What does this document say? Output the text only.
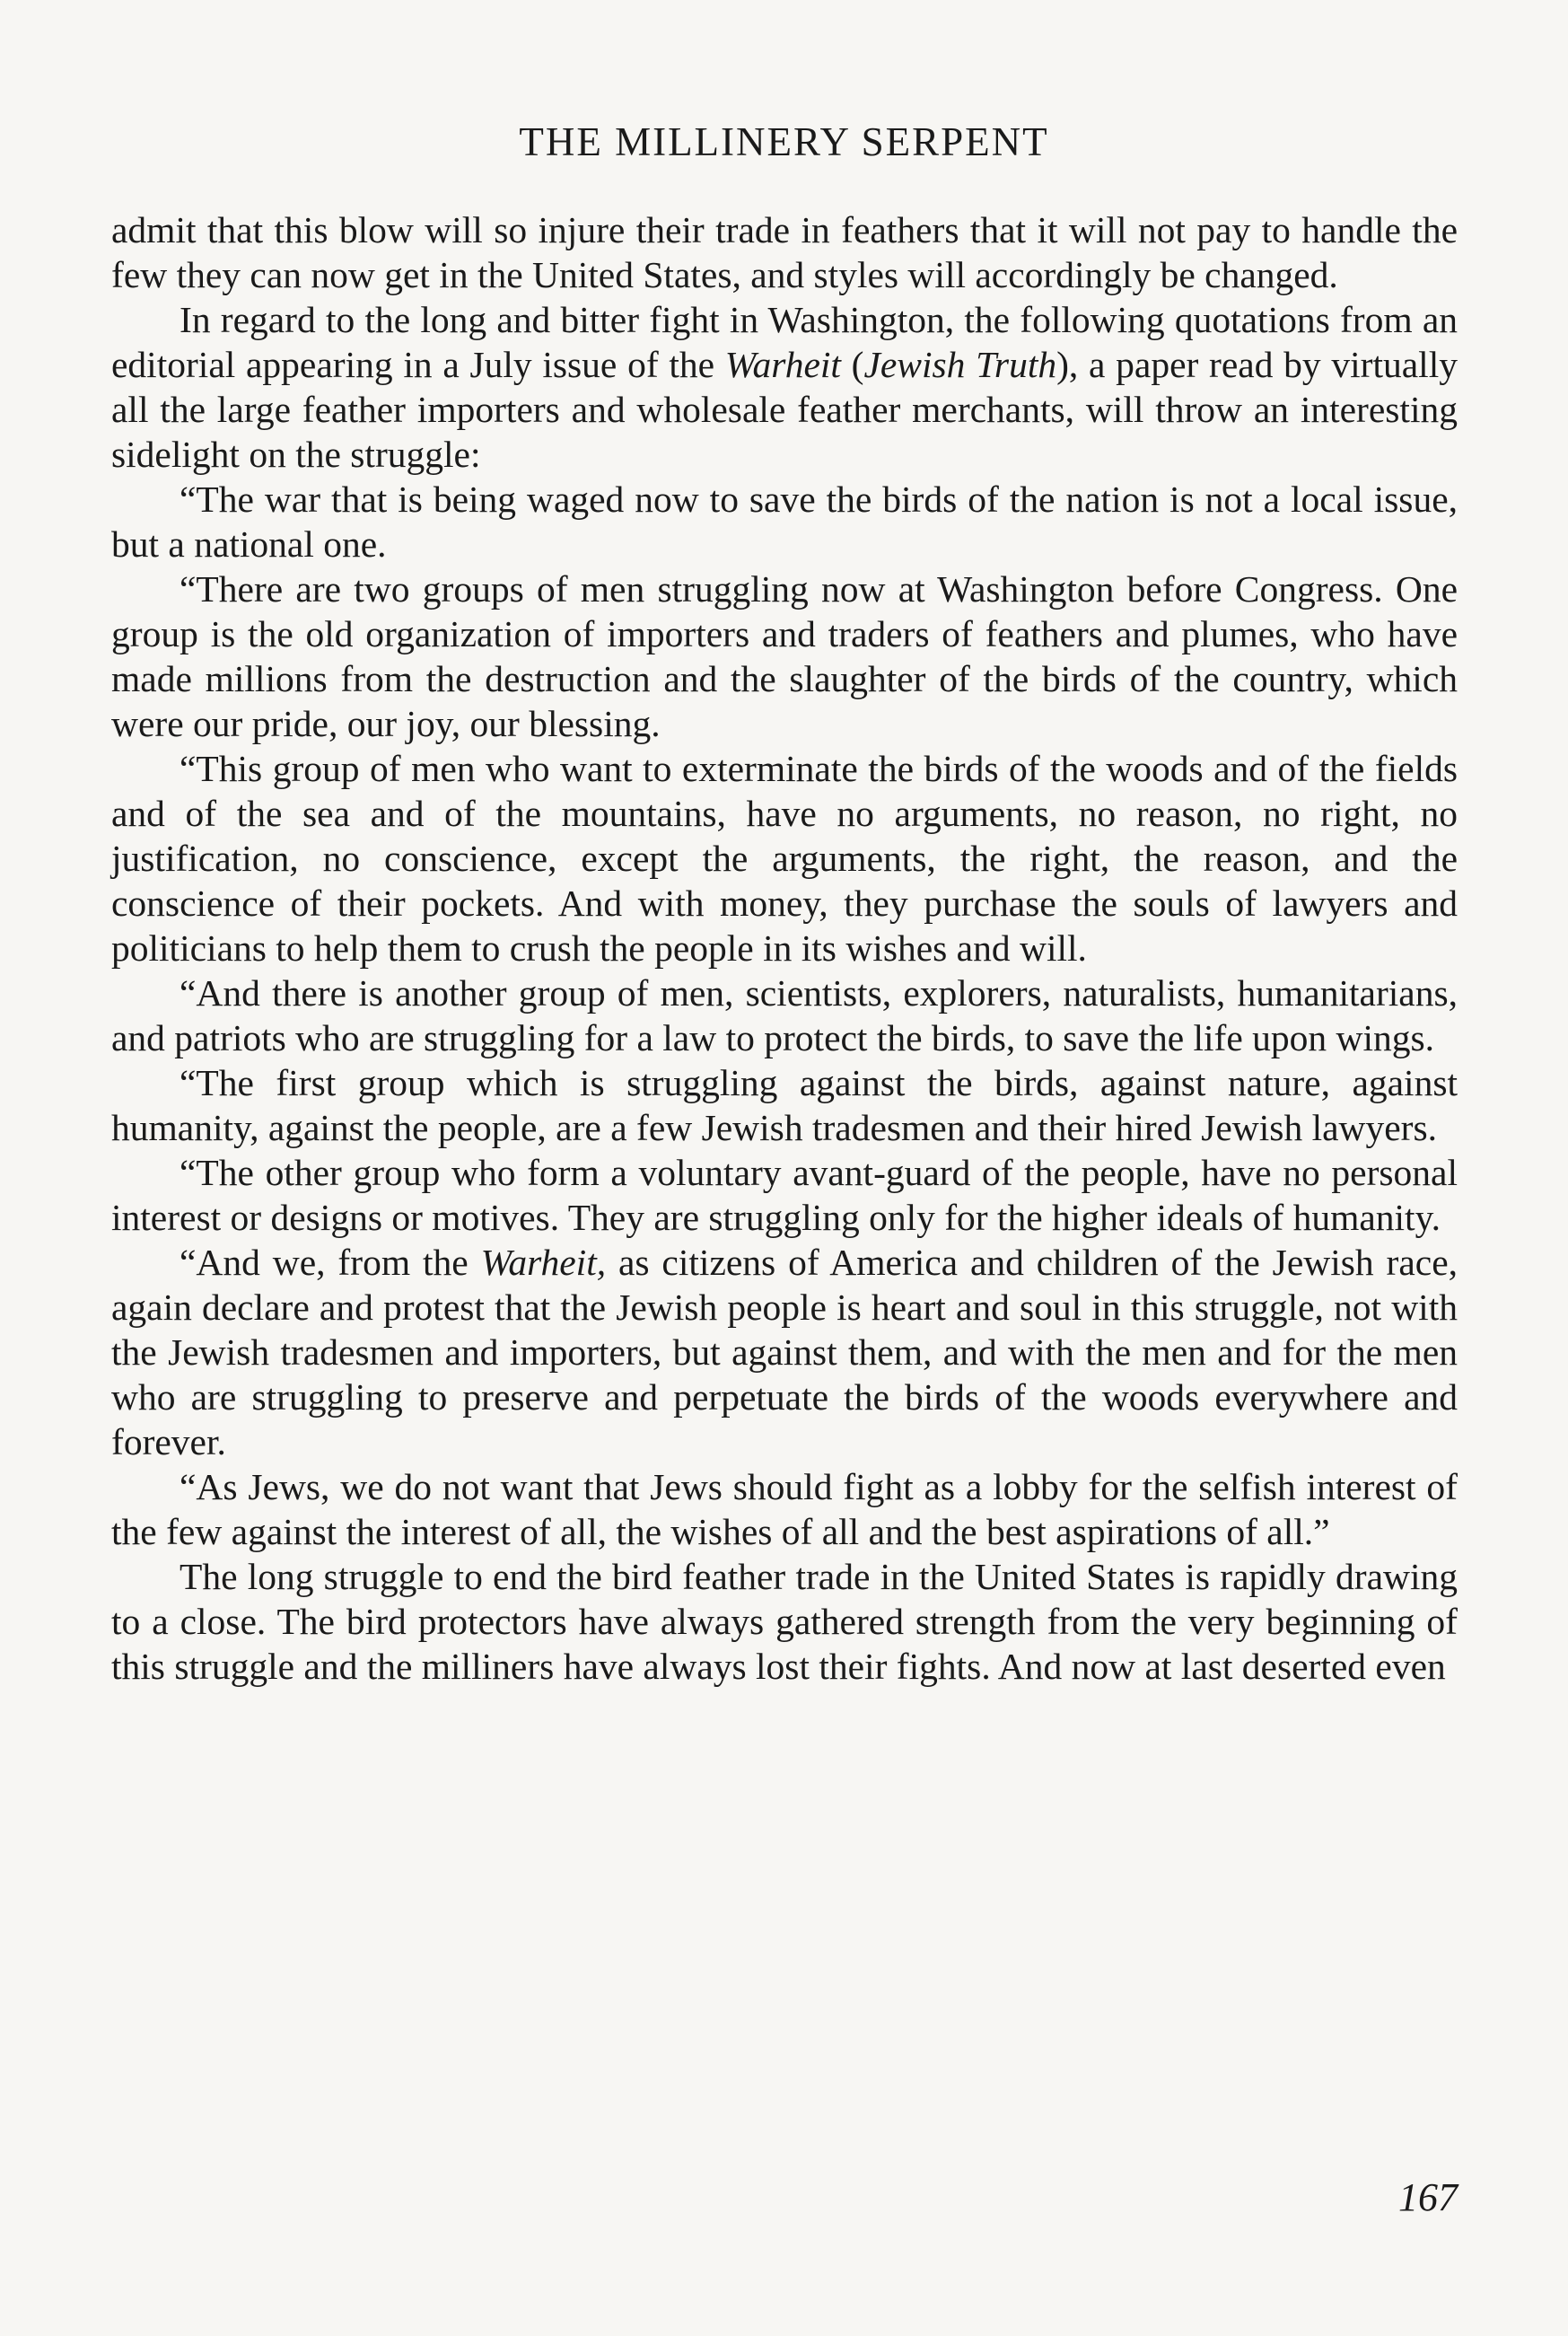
THE MILLINERY SERPENT

admit that this blow will so injure their trade in feathers that it will not pay to handle the few they can now get in the United States, and styles will accordingly be changed.

In regard to the long and bitter fight in Washington, the following quotations from an editorial appearing in a July issue of the Warheit (Jewish Truth), a paper read by virtually all the large feather importers and wholesale feather merchants, will throw an interesting sidelight on the struggle:

“The war that is being waged now to save the birds of the nation is not a local issue, but a national one.

“There are two groups of men struggling now at Washington before Congress. One group is the old organization of importers and traders of feathers and plumes, who have made millions from the destruction and the slaughter of the birds of the country, which were our pride, our joy, our blessing.

“This group of men who want to exterminate the birds of the woods and of the fields and of the sea and of the mountains, have no arguments, no reason, no right, no justification, no conscience, except the arguments, the right, the reason, and the conscience of their pockets. And with money, they purchase the souls of lawyers and politicians to help them to crush the people in its wishes and will.

“And there is another group of men, scientists, explorers, naturalists, humanitarians, and patriots who are struggling for a law to protect the birds, to save the life upon wings.

“The first group which is struggling against the birds, against nature, against humanity, against the people, are a few Jewish tradesmen and their hired Jewish lawyers.

“The other group who form a voluntary avant-guard of the people, have no personal interest or designs or motives. They are struggling only for the higher ideals of humanity.

“And we, from the Warheit, as citizens of America and children of the Jewish race, again declare and protest that the Jewish people is heart and soul in this struggle, not with the Jewish tradesmen and importers, but against them, and with the men and for the men who are struggling to preserve and perpetuate the birds of the woods everywhere and forever.

“As Jews, we do not want that Jews should fight as a lobby for the selfish interest of the few against the interest of all, the wishes of all and the best aspirations of all.”

The long struggle to end the bird feather trade in the United States is rapidly drawing to a close. The bird protectors have always gathered strength from the very beginning of this struggle and the milliners have always lost their fights. And now at last deserted even

167
